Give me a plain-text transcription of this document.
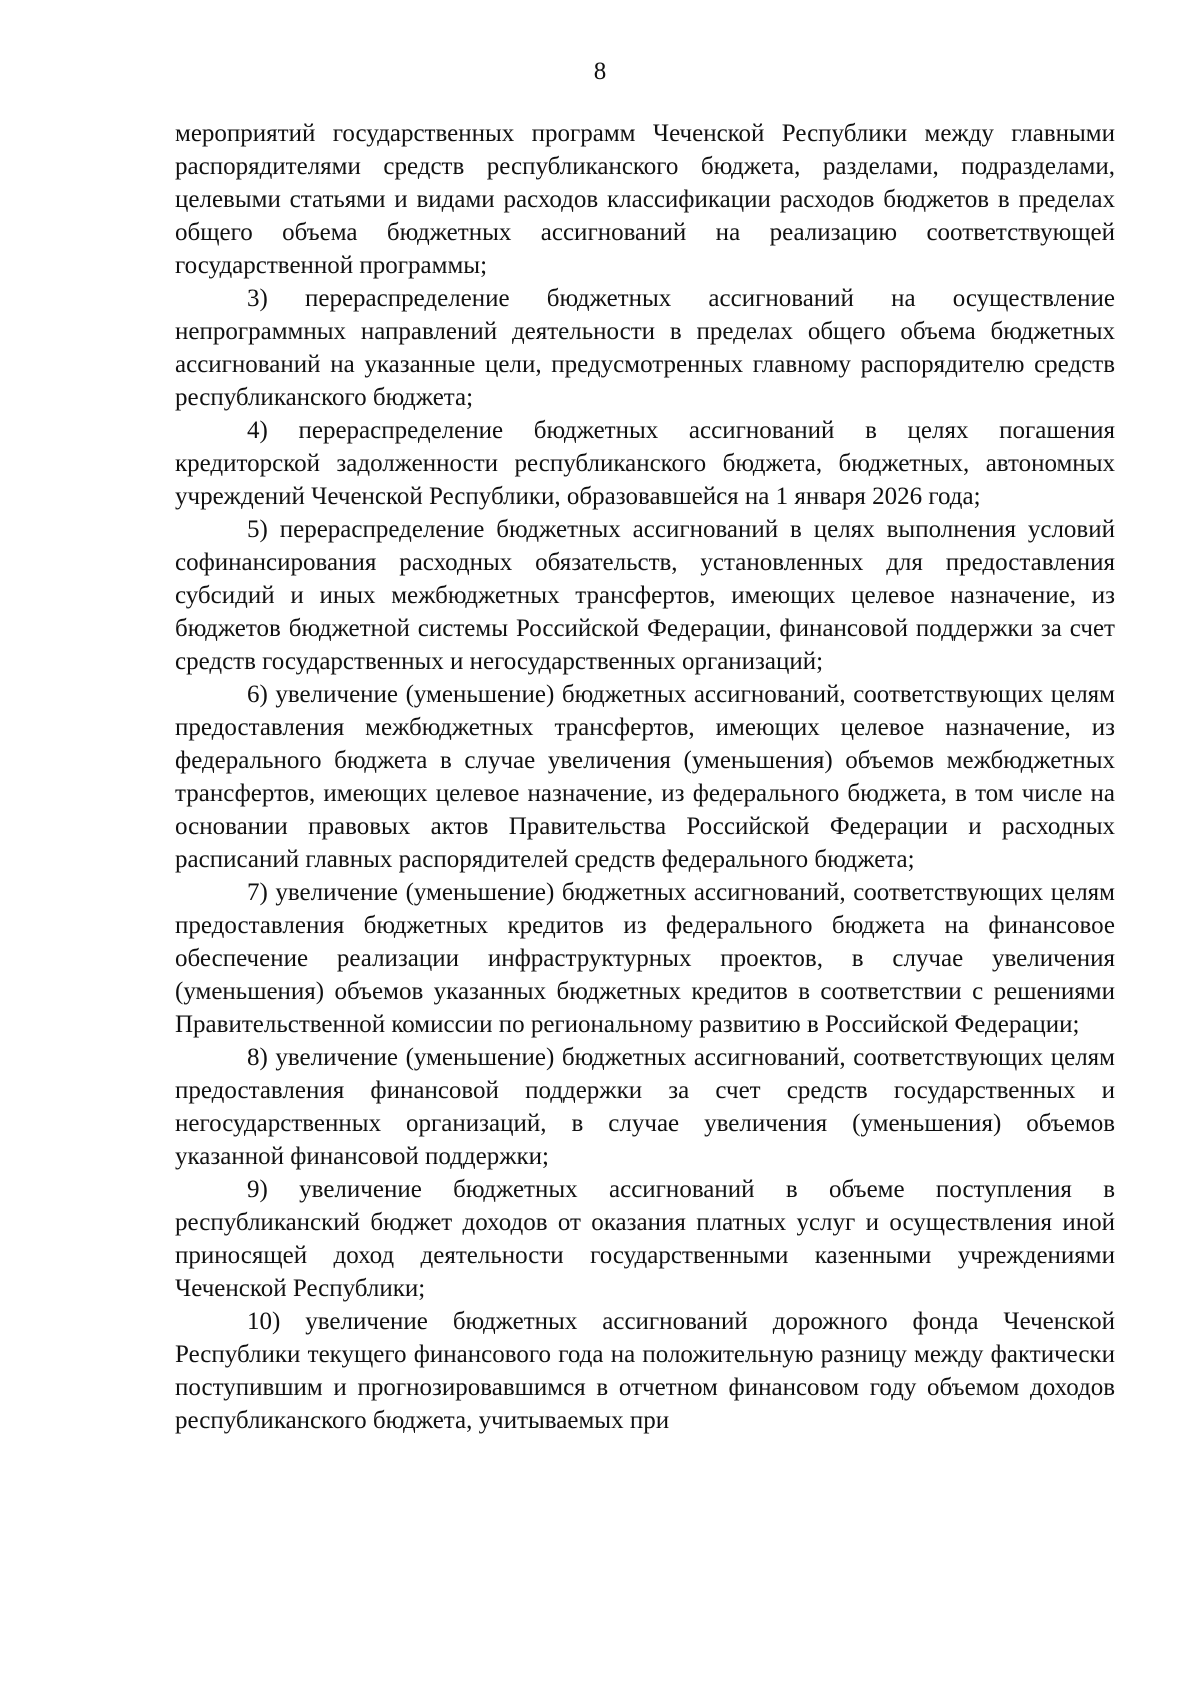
8

мероприятий государственных программ Чеченской Республики между главными распорядителями средств республиканского бюджета, разделами, подразделами, целевыми статьями и видами расходов классификации расходов бюджетов в пределах общего объема бюджетных ассигнований на реализацию соответствующей государственной программы;

3) перераспределение бюджетных ассигнований на осуществление непрограммных направлений деятельности в пределах общего объема бюджетных ассигнований на указанные цели, предусмотренных главному распорядителю средств республиканского бюджета;

4) перераспределение бюджетных ассигнований в целях погашения кредиторской задолженности республиканского бюджета, бюджетных, автономных учреждений Чеченской Республики, образовавшейся на 1 января 2026 года;

5) перераспределение бюджетных ассигнований в целях выполнения условий софинансирования расходных обязательств, установленных для предоставления субсидий и иных межбюджетных трансфертов, имеющих целевое назначение, из бюджетов бюджетной системы Российской Федерации, финансовой поддержки за счет средств государственных и негосударственных организаций;

6) увеличение (уменьшение) бюджетных ассигнований, соответствующих целям предоставления межбюджетных трансфертов, имеющих целевое назначение, из федерального бюджета в случае увеличения (уменьшения) объемов межбюджетных трансфертов, имеющих целевое назначение, из федерального бюджета, в том числе на основании правовых актов Правительства Российской Федерации и расходных расписаний главных распорядителей средств федерального бюджета;

7) увеличение (уменьшение) бюджетных ассигнований, соответствующих целям предоставления бюджетных кредитов из федерального бюджета на финансовое обеспечение реализации инфраструктурных проектов, в случае увеличения (уменьшения) объемов указанных бюджетных кредитов в соответствии с решениями Правительственной комиссии по региональному развитию в Российской Федерации;

8) увеличение (уменьшение) бюджетных ассигнований, соответствующих целям предоставления финансовой поддержки за счет средств государственных и негосударственных организаций, в случае увеличения (уменьшения) объемов указанной финансовой поддержки;

9) увеличение бюджетных ассигнований в объеме поступления в республиканский бюджет доходов от оказания платных услуг и осуществления иной приносящей доход деятельности государственными казенными учреждениями Чеченской Республики;

10) увеличение бюджетных ассигнований дорожного фонда Чеченской Республики текущего финансового года на положительную разницу между фактически поступившим и прогнозировавшимся в отчетном финансовом году объемом доходов республиканского бюджета, учитываемых при
